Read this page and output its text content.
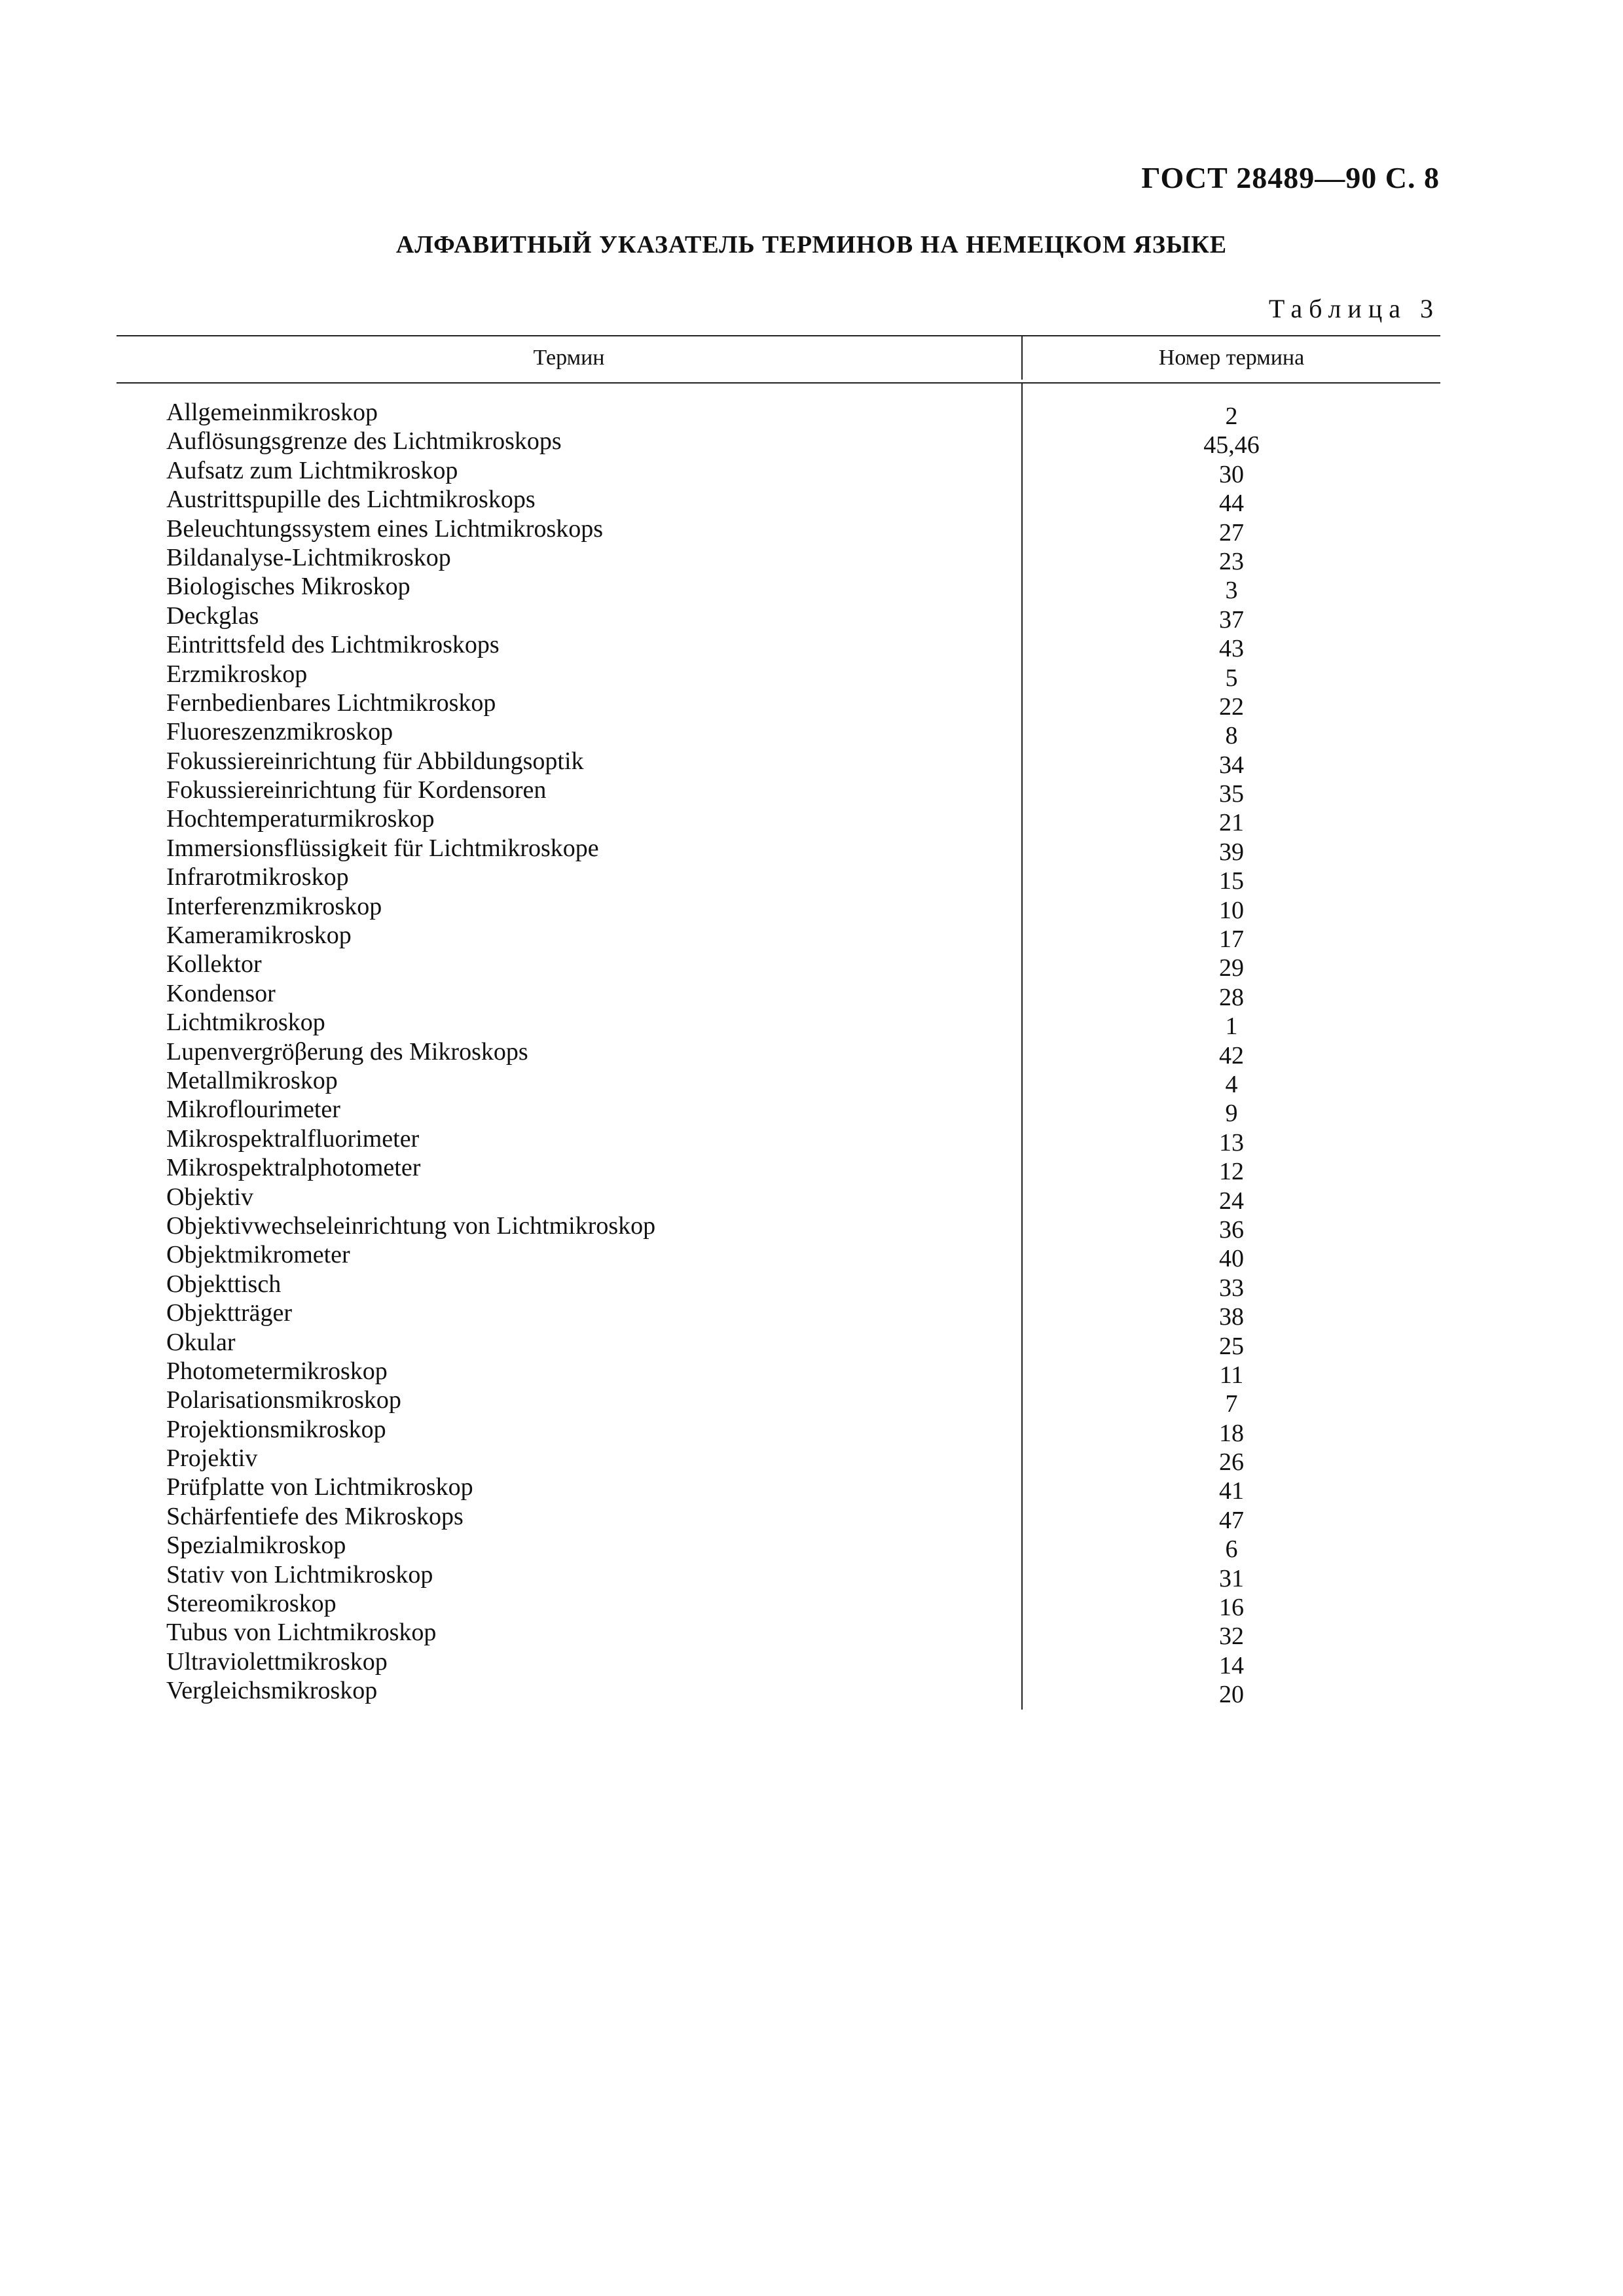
ГОСТ 28489—90 С. 8
АЛФАВИТНЫЙ УКАЗАТЕЛЬ ТЕРМИНОВ НА НЕМЕЦКОМ ЯЗЫКЕ
Таблица 3
Термин	Номер термина
Allgemeinmikroskop
Auflösungsgrenze des Lichtmikroskops
Aufsatz zum Lichtmikroskop
Austrittspupille des Lichtmikroskops
Beleuchtungssystem eines Lichtmikroskops
Bildanalyse-Lichtmikroskop
Biologisches Mikroskop
Deckglas
Eintrittsfeld des Lichtmikroskops
Erzmikroskop
Fernbedienbares Lichtmikroskop
Fluoreszenzmikroskop
Fokussiereinrichtung für Abbildungsoptik
Fokussiereinrichtung für Kordensoren
Hochtemperaturmikroskop
Immersionsflüssigkeit für Lichtmikroskope
Infrarotmikroskop
Interferenzmikroskop
Kameramikroskop
Kollektor
Kondensor
Lichtmikroskop
Lupenvergröβerung des Mikroskops
Metallmikroskop
Mikroflourimeter
Mikrospektralfluorimeter
Mikrospektralphotometer
Objektiv
Objektivwechseleinrichtung von Lichtmikroskop
Objektmikrometer
Objekttisch
Objektträger
Okular
Photometermikroskop
Polarisationsmikroskop
Projektionsmikroskop
Projektiv
Prüfplatte von Lichtmikroskop
Schärfentiefe des Mikroskops
Spezialmikroskop
Stativ von Lichtmikroskop
Stereomikroskop
Tubus von Lichtmikroskop
Ultraviolettmikroskop
Vergleichsmikroskop
2
45,46
30
44
27
23
3
37
43
5
22
8
34
35
21
39
15
10
17
29
28
1
42
4
9
13
12
24
36
40
33
38
25
11
7
18
26
41
47
6
31
16
32
14
20
